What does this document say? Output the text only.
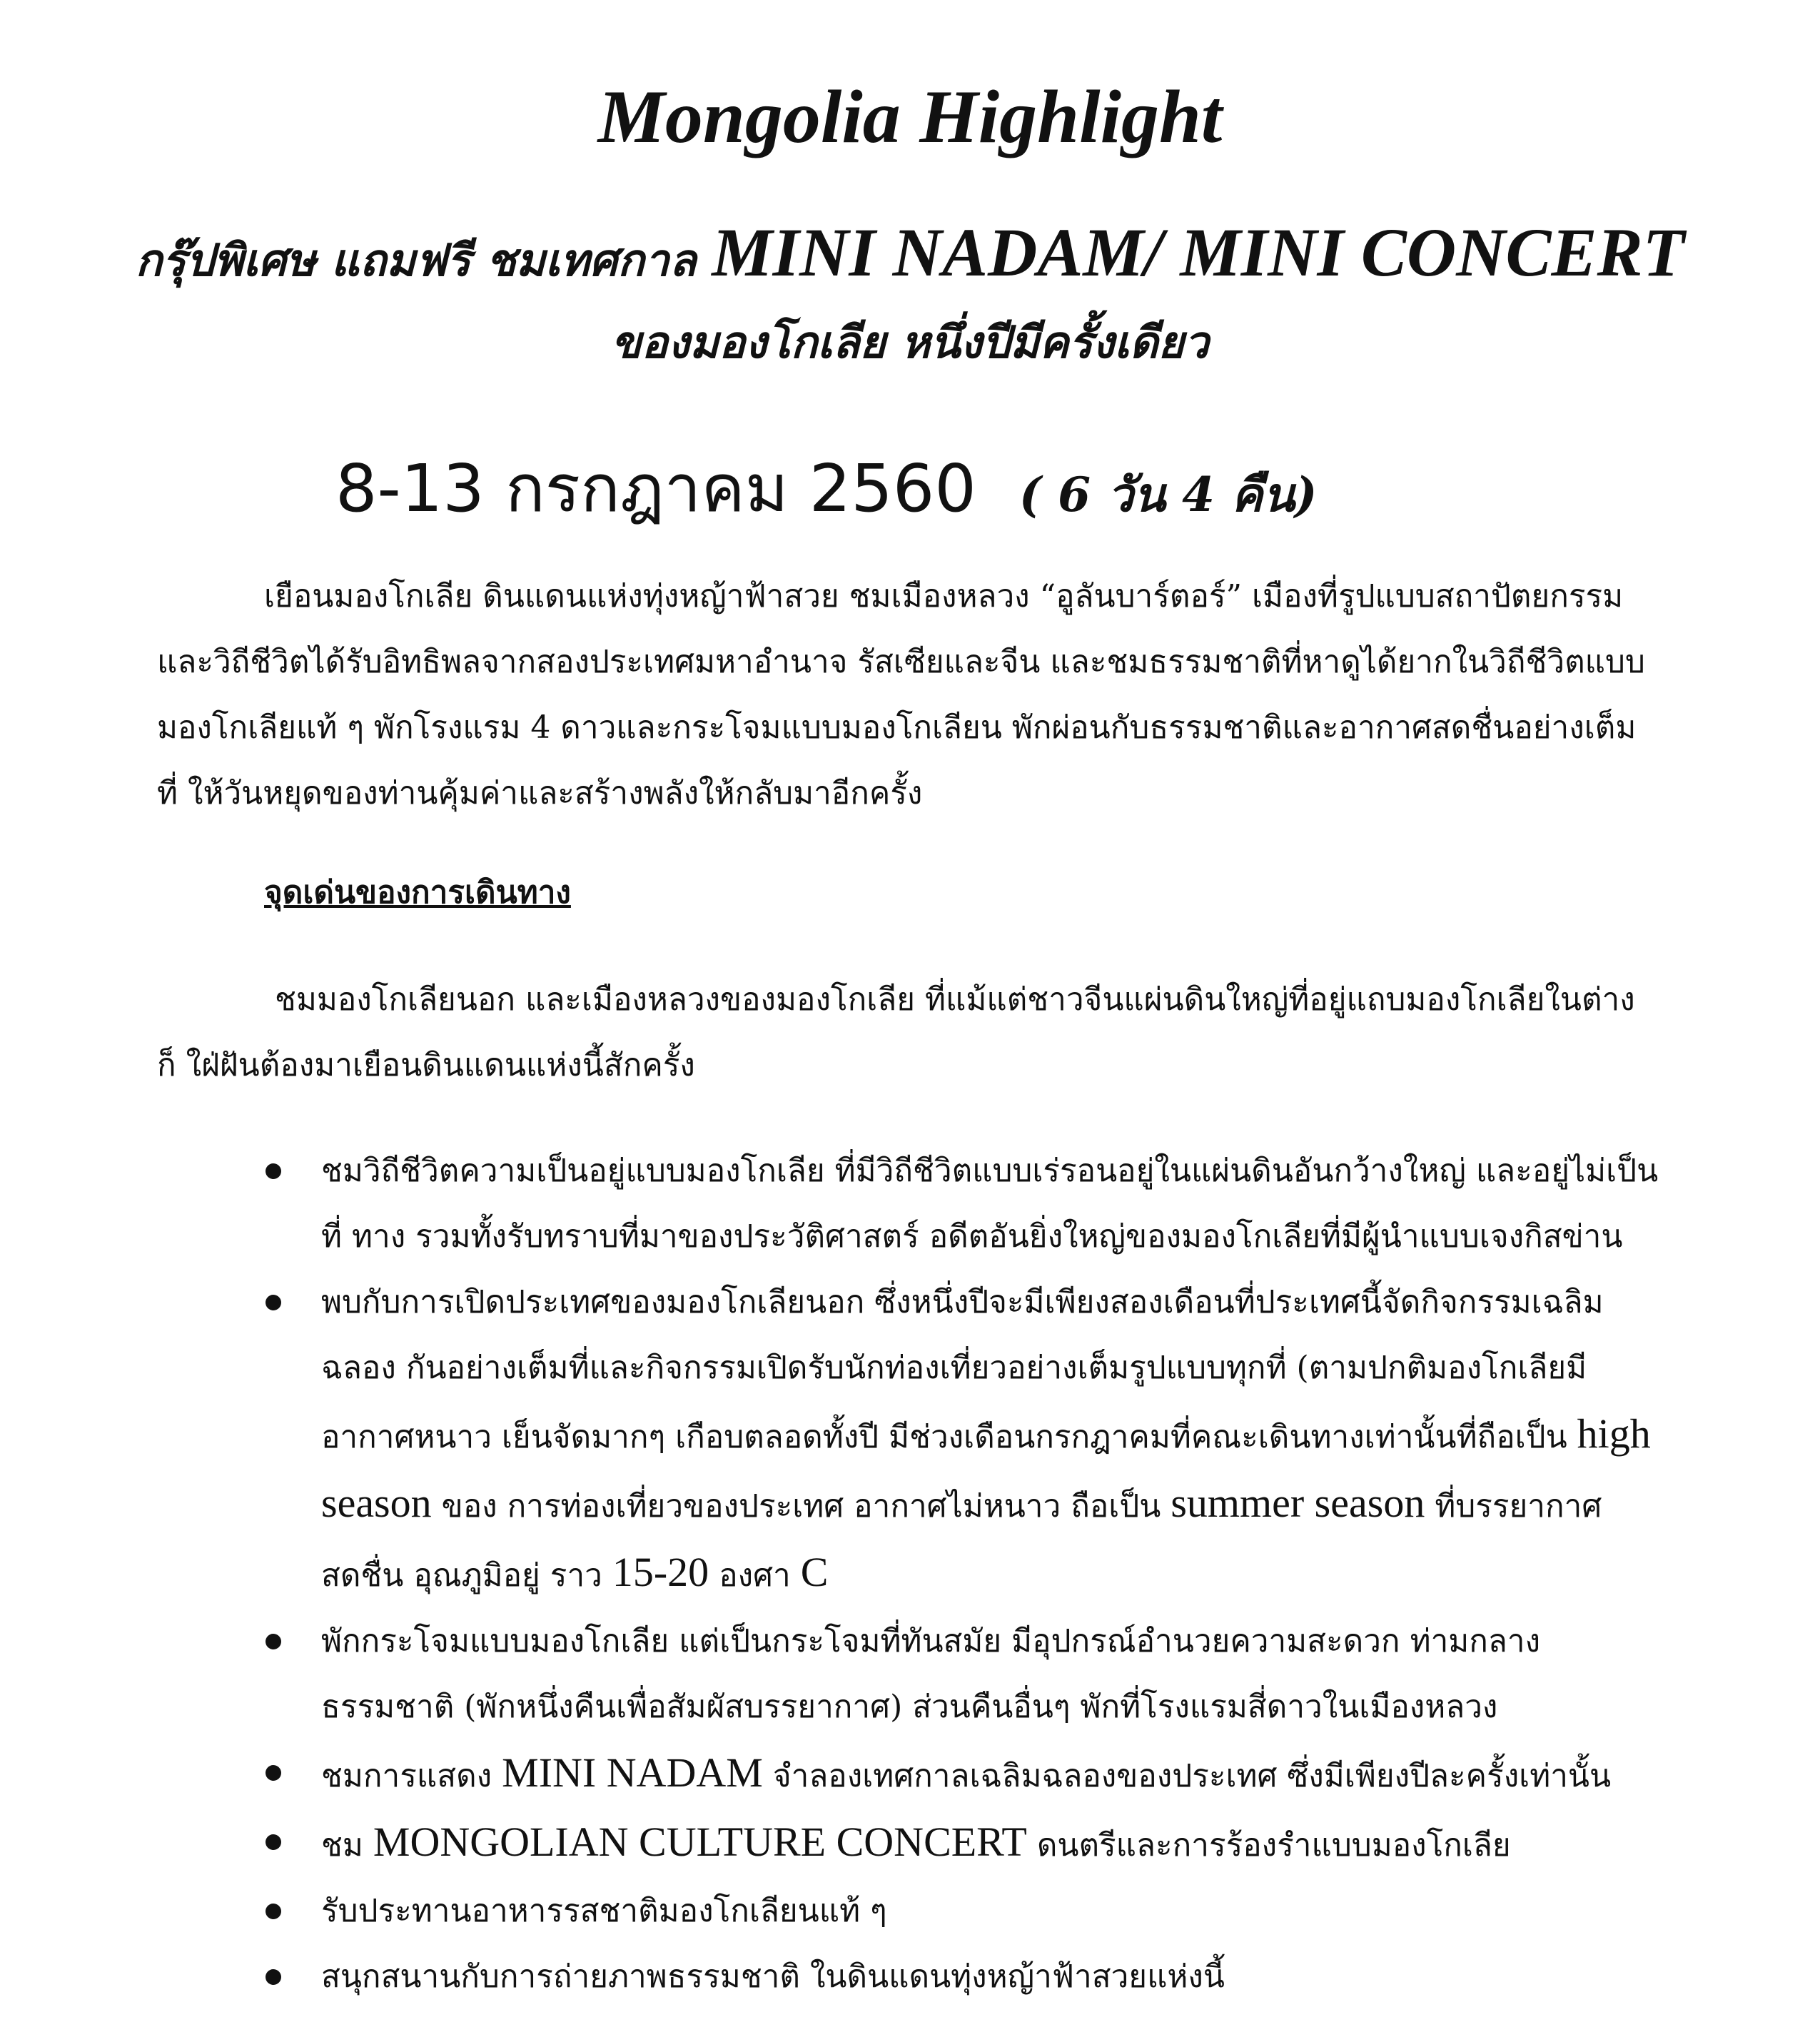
Mongolia Highlight

กรุ๊ปพิเศษ แถมฟรี ชมเทศกาล MINI NADAM/ MINI CONCERT

ของมองโกเลีย หนึ่งปีมีครั้งเดียว

8-13 กรกฎาคม 2560 ( 6 วัน 4 คืน)

เยือนมองโกเลีย ดินแดนแห่งทุ่งหญ้าฟ้าสวย ชมเมืองหลวง “อูลันบาร์ตอร์” เมืองที่รูปแบบสถาปัตยกรรม และวิถีชีวิตได้รับอิทธิพลจากสองประเทศมหาอำนาจ รัสเซียและจีน และชมธรรมชาติที่หาดูได้ยากในวิถีชีวิตแบบ มองโกเลียแท้ ๆ พักโรงแรม 4 ดาวและกระโจมแบบมองโกเลียน พักผ่อนกับธรรมชาติและอากาศสดชื่นอย่างเต็มที่ ให้วันหยุดของท่านคุ้มค่าและสร้างพลังให้กลับมาอีกครั้ง

จุดเด่นของการเดินทาง

ชมมองโกเลียนอก และเมืองหลวงของมองโกเลีย ที่แม้แต่ชาวจีนแผ่นดินใหญ่ที่อยู่แถบมองโกเลียในต่างก็ ใฝ่ฝันต้องมาเยือนดินแดนแห่งนี้สักครั้ง

ชมวิถีชีวิตความเป็นอยู่แบบมองโกเลีย ที่มีวิถีชีวิตแบบเร่รอนอยู่ในแผ่นดินอันกว้างใหญ่ และอยู่ไม่เป็นที่ ทาง รวมทั้งรับทราบที่มาของประวัติศาสตร์ อดีตอันยิ่งใหญ่ของมองโกเลียที่มีผู้นำแบบเจงกิสข่าน
พบกับการเปิดประเทศของมองโกเลียนอก ซึ่งหนึ่งปีจะมีเพียงสองเดือนที่ประเทศนี้จัดกิจกรรมเฉลิมฉลอง กันอย่างเต็มที่และกิจกรรมเปิดรับนักท่องเที่ยวอย่างเต็มรูปแบบทุกที่ (ตามปกติมองโกเลียมีอากาศหนาว เย็นจัดมากๆ เกือบตลอดทั้งปี มีช่วงเดือนกรกฎาคมที่คณะเดินทางเท่านั้นที่ถือเป็น high season ของ การท่องเที่ยวของประเทศ อากาศไม่หนาว ถือเป็น summer season ที่บรรยากาศสดชื่น อุณภูมิอยู่ ราว 15-20 องศา C
พักกระโจมแบบมองโกเลีย แต่เป็นกระโจมที่ทันสมัย มีอุปกรณ์อำนวยความสะดวก ท่ามกลางธรรมชาติ (พักหนึ่งคืนเพื่อสัมผัสบรรยากาศ) ส่วนคืนอื่นๆ พักที่โรงแรมสี่ดาวในเมืองหลวง
ชมการแสดง MINI NADAM จำลองเทศกาลเฉลิมฉลองของประเทศ ซึ่งมีเพียงปีละครั้งเท่านั้น
ชม MONGOLIAN CULTURE CONCERT ดนตรีและการร้องรำแบบมองโกเลีย
รับประทานอาหารรสชาติมองโกเลียนแท้ ๆ
สนุกสนานกับการถ่ายภาพธรรมชาติ ในดินแดนทุ่งหญ้าฟ้าสวยแห่งนี้
